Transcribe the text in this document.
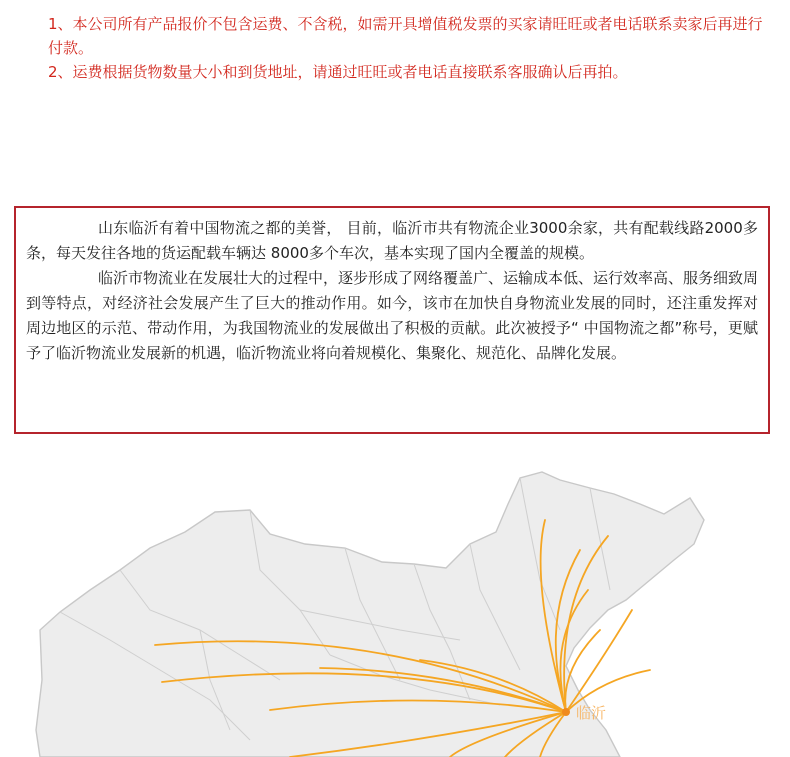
1、本公司所有产品报价不包含运费、不含税，如需开具增值税发票的买家请旺旺或者电话联系卖家后再进行付款。

2、运费根据货物数量大小和到货地址，请通过旺旺或者电话直接联系客服确认后再拍。

山东临沂有着中国物流之都的美誉， 目前，临沂市共有物流企业3000余家，共有配载线路2000多条，每天发往各地的货运配载车辆达 8000多个车次，基本实现了国内全覆盖的规模。

临沂市物流业在发展壮大的过程中，逐步形成了网络覆盖广、运输成本低、运行效率高、服务细致周到等特点，对经济社会发展产生了巨大的推动作用。如今，该市在加快自身物流业发展的同时，还注重发挥对周边地区的示范、带动作用，为我国物流业的发展做出了积极的贡献。此次被授予“ 中国物流之都”称号，更赋予了临沂物流业发展新的机遇，临沂物流业将向着规模化、集聚化、规范化、品牌化发展。

临沂
